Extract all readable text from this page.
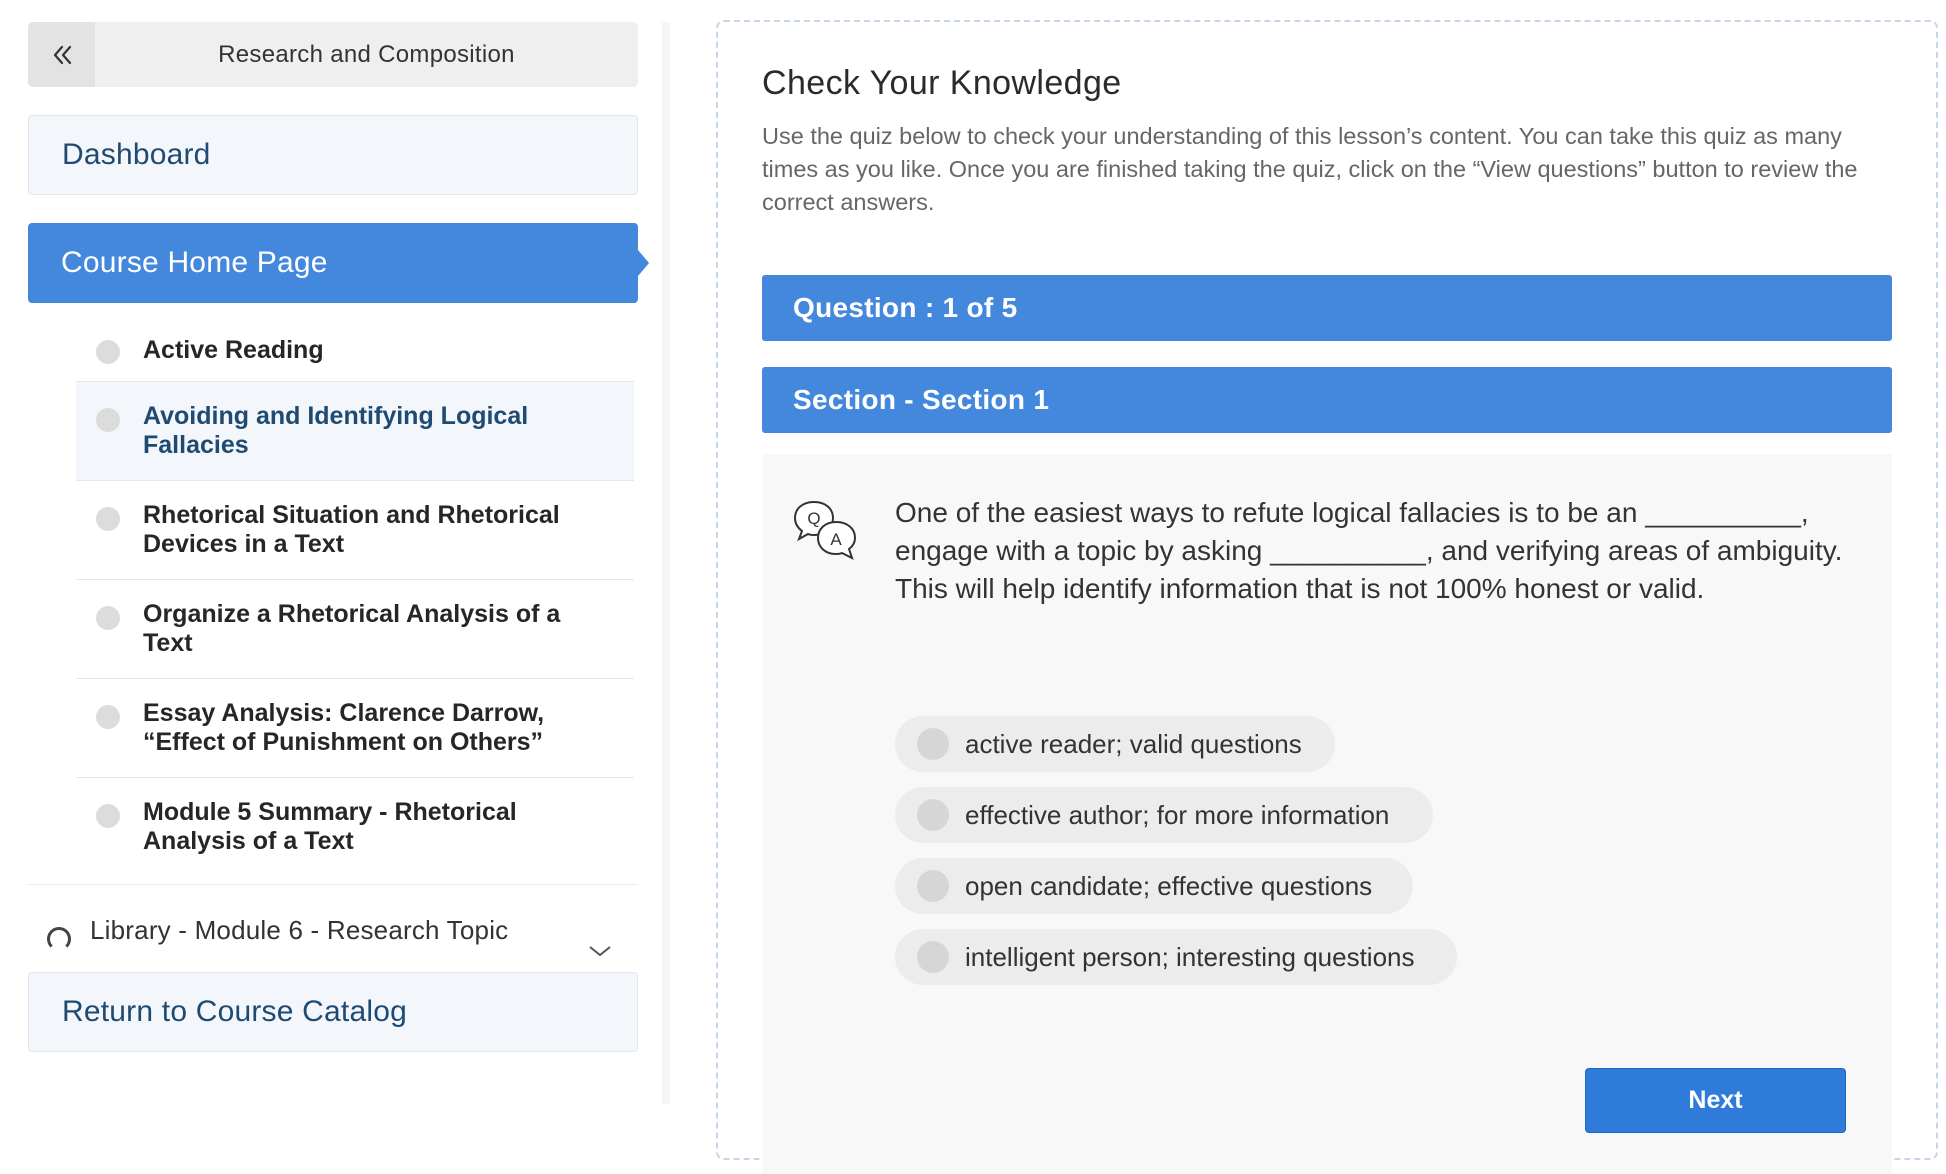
Research and Composition
Dashboard
Course Home Page
Active Reading
Avoiding and Identifying Logical Fallacies
Rhetorical Situation and Rhetorical Devices in a Text
Organize a Rhetorical Analysis of a Text
Essay Analysis: Clarence Darrow, “Effect of Punishment on Others”
Module 5 Summary - Rhetorical Analysis of a Text
Library - Module 6 - Research Topic
Return to Course Catalog
Check Your Knowledge
Use the quiz below to check your understanding of this lesson’s content. You can take this quiz as many times as you like. Once you are finished taking the quiz, click on the “View questions” button to review the correct answers.
Question : 1 of 5
Section - Section 1
Q
A
One of the easiest ways to refute logical fallacies is to be an __________, engage with a topic by asking __________, and verifying areas of ambiguity. This will help identify information that is not 100% honest or valid.
active reader; valid questions
effective author; for more information
open candidate; effective questions
intelligent person; interesting questions
Next
